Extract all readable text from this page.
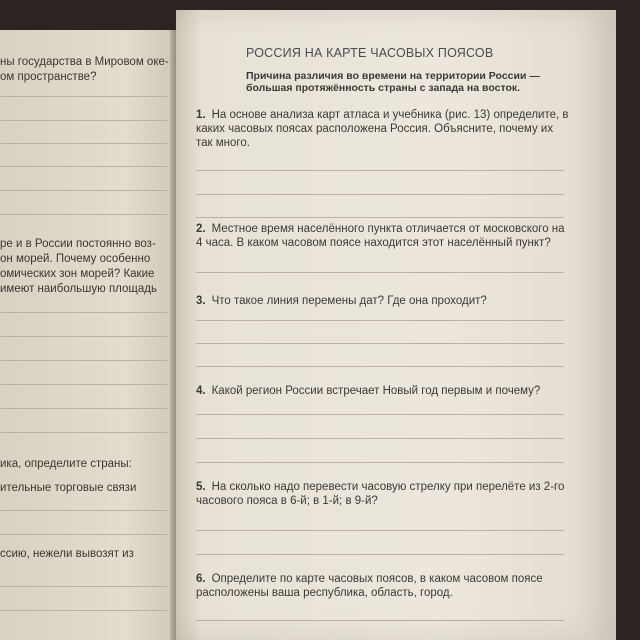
ны государства в Мировом оке-
ом пространстве?
ре и в России постоянно воз-
он морей. Почему особенно
омических зон морей? Какие
имеют наибольшую площадь
ика, определите страны:
ительные торговые связи
ссию, нежели вывозят из
РОССИЯ НА КАРТЕ ЧАСОВЫХ ПОЯСОВ
Причина различия во времени на территории России — большая протяжённость страны с запада на восток.
1. На основе анализа карт атласа и учебника (рис. 13) определите, в каких часовых поясах расположена Россия. Объясните, почему их так много.
2. Местное время населённого пункта отличается от московского на 4 часа. В каком часовом поясе находится этот населённый пункт?
3. Что такое линия перемены дат? Где она проходит?
4. Какой регион России встречает Новый год первым и почему?
5. На сколько надо перевести часовую стрелку при перелёте из 2-го часового пояса в 6-й; в 1-й; в 9-й?
6. Определите по карте часовых поясов, в каком часовом поясе расположены ваша республика, область, город.
